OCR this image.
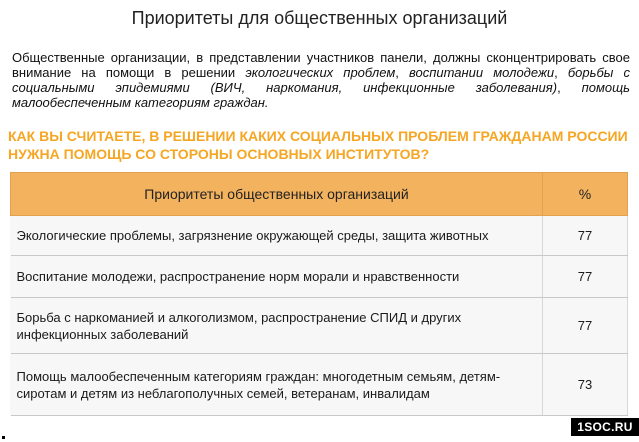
Приоритеты для общественных организаций
Общественные организации, в представлении участников панели, должны сконцентрировать свое внимание на помощи в решении экологических проблем, воспитании молодежи, борьбы с социальными эпидемиями (ВИЧ, наркомания, инфекционные заболевания), помощь малообеспеченным категориям граждан.
КАК ВЫ СЧИТАЕТЕ, В РЕШЕНИИ КАКИХ СОЦИАЛЬНЫХ ПРОБЛЕМ ГРАЖДАНАМ РОССИИ НУЖНА ПОМОЩЬ СО СТОРОНЫ ОСНОВНЫХ ИНСТИТУТОВ?
Приоритеты общественных организаций	%
Экологические проблемы, загрязнение окружающей среды, защита животных	77
Воспитание молодежи, распространение норм морали и нравственности	77
Борьба с наркоманией и алкоголизмом, распространение СПИД и других инфекционных заболеваний	77
Помощь малообеспеченным категориям граждан: многодетным семьям, детям-сиротам и детям из неблагополучных семей, ветеранам, инвалидам	73
1SOC.RU
